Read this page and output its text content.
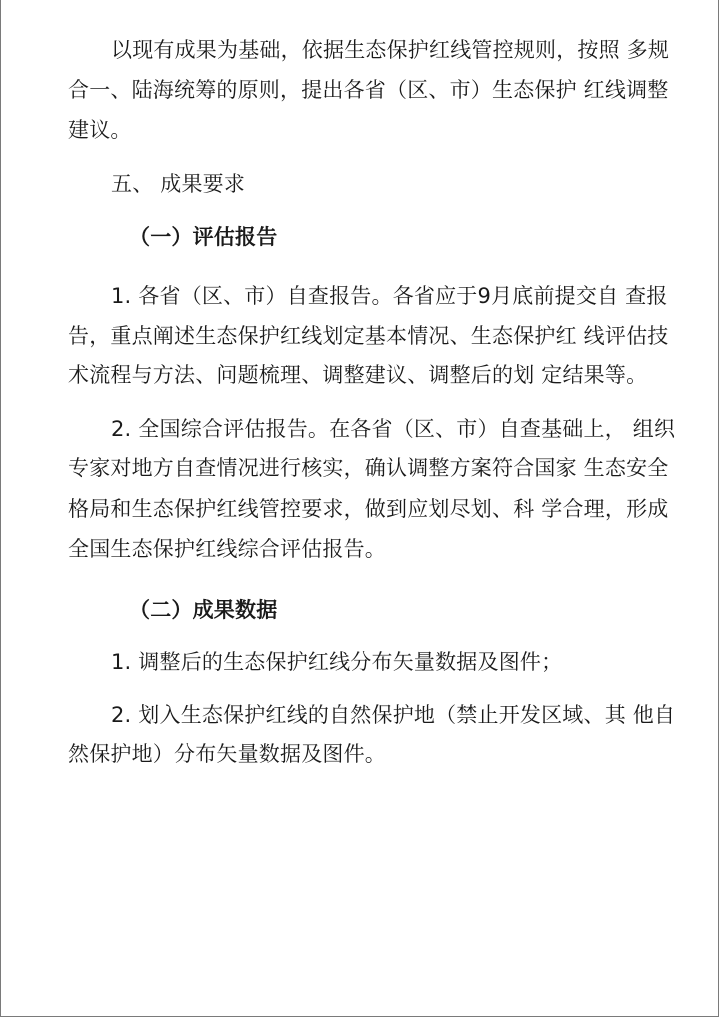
以现有成果为基础，依据生态保护红线管控规则，按照 多规
合一、陆海统筹的原则，提出各省（区、市）生态保护 红线调整
建议。
五、 成果要求
（一）评估报告
1. 各省（区、市）自查报告。各省应于9月底前提交自 查报
告，重点阐述生态保护红线划定基本情况、生态保护红 线评估技
术流程与方法、问题梳理、调整建议、调整后的划 定结果等。
2. 全国综合评估报告。在各省（区、市）自查基础上， 组织
专家对地方自查情况进行核实，确认调整方案符合国家 生态安全
格局和生态保护红线管控要求，做到应划尽划、科 学合理，形成
全国生态保护红线综合评估报告。
（二）成果数据
1. 调整后的生态保护红线分布矢量数据及图件；
2. 划入生态保护红线的自然保护地（禁止开发区域、其 他自
然保护地）分布矢量数据及图件。
